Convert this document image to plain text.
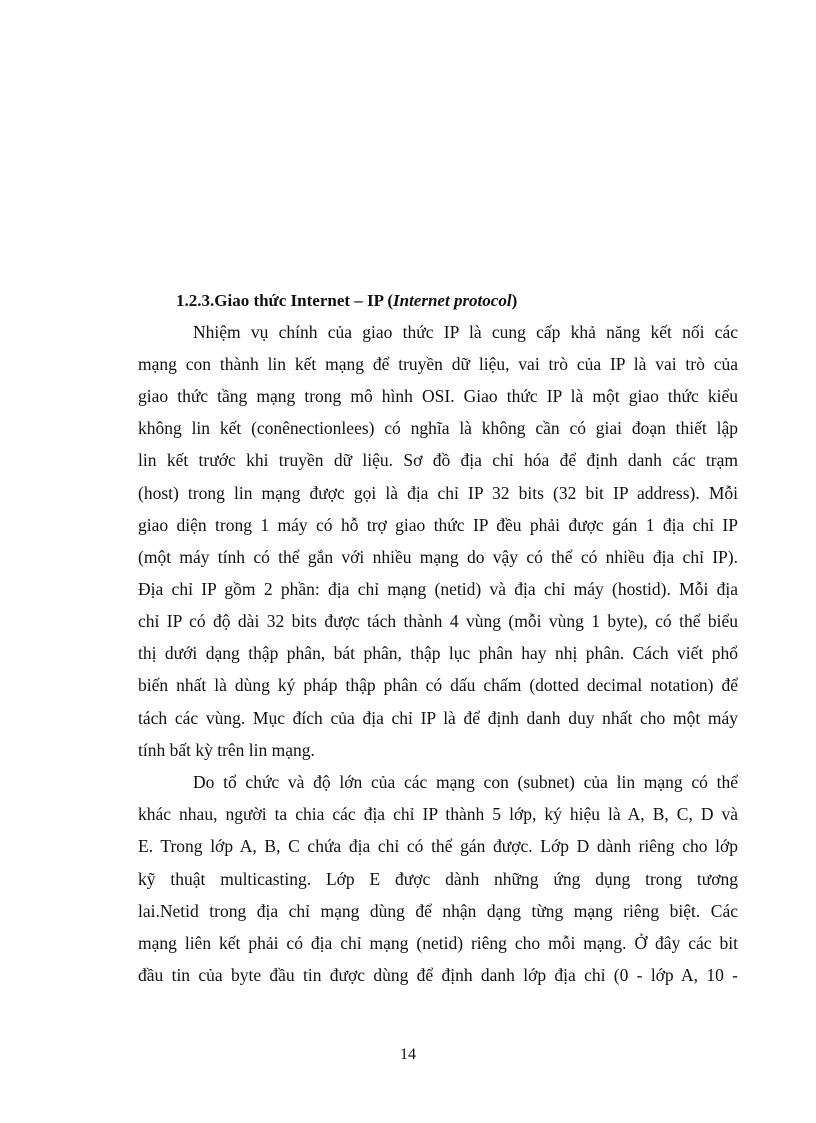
1.2.3.Giao thức Internet – IP (Internet protocol)
Nhiệm vụ chính của giao thức IP là cung cấp khả năng kết nối các
mạng con thành lin kết mạng để truyền dữ liệu, vai trò của IP là vai trò của
giao thức tầng mạng trong mô hình OSI. Giao thức IP là một giao thức kiểu
không lin kết (conênectionlees) có nghĩa là không cần có giai đoạn thiết lập
lin kết trước khi truyền dữ liệu. Sơ đồ địa chỉ hóa để định danh các trạm
(host) trong lin mạng được gọi là địa chỉ IP 32 bits (32 bit IP address). Mỗi
giao diện trong 1 máy có hỗ trợ giao thức IP đều phải được gán 1 địa chỉ IP
(một máy tính có thể gắn với nhiều mạng do vậy có thể có nhiều địa chỉ IP).
Địa chỉ IP gồm 2 phần: địa chỉ mạng (netid) và địa chỉ máy (hostid). Mỗi địa
chỉ IP có độ dài 32 bits được tách thành 4 vùng (mỗi vùng 1 byte), có thể biểu
thị dưới dạng thập phân, bát phân, thập lục phân hay nhị phân. Cách viết phổ
biến nhất là dùng ký pháp thập phân có dấu chấm (dotted decimal notation) để
tách các vùng. Mục đích của địa chỉ IP là để định danh duy nhất cho một máy
tính bất kỳ trên lin mạng.
Do tổ chức và độ lớn của các mạng con (subnet) của lin mạng có thể
khác nhau, người ta chia các địa chỉ IP thành 5 lớp, ký hiệu là A, B, C, D và
E. Trong lớp A, B, C chứa địa chỉ có thể gán được. Lớp D dành riêng cho lớp
kỹ thuật multicasting. Lớp E được dành những ứng dụng trong tương
lai.Netid trong địa chỉ mạng dùng để nhận dạng từng mạng riêng biệt. Các
mạng liên kết phải có địa chỉ mạng (netid) riêng cho mỗi mạng. Ở đây các bit
đầu tin của byte đầu tin được dùng để định danh lớp địa chỉ (0 - lớp A, 10 -
14
